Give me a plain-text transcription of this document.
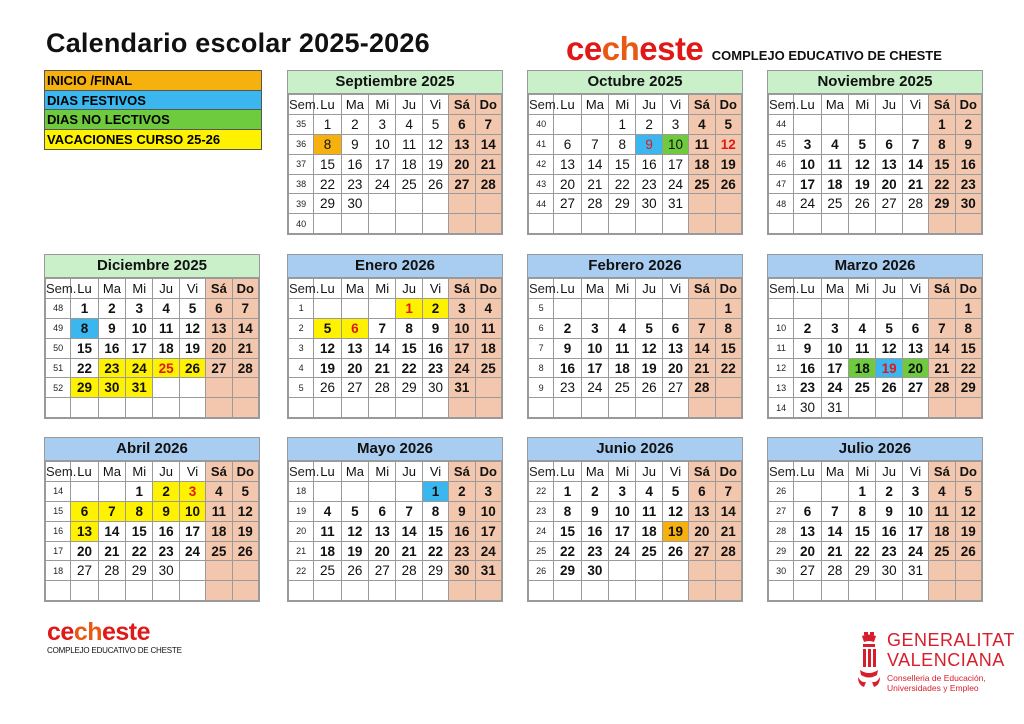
Calendario escolar 2025-2026	cecheste COMPLEJO EDUCATIVO DE CHESTE
INICIO /FINAL
DIAS FESTIVOS
DIAS NO LECTIVOS
VACACIONES CURSO 25-26
Septiembre 2025
Sem.	Lu	Ma	Mi	Ju	Vi	Sá	Do
35	1	2	3	4	5	6	7
36	8	9	10	11	12	13	14
37	15	16	17	18	19	20	21
38	22	23	24	25	26	27	28
39	29	30					
40							
Octubre 2025
Sem.	Lu	Ma	Mi	Ju	Vi	Sá	Do
40			1	2	3	4	5
41	6	7	8	9	10	11	12
42	13	14	15	16	17	18	19
43	20	21	22	23	24	25	26
44	27	28	29	30	31		

Noviembre 2025
Sem.	Lu	Ma	Mi	Ju	Vi	Sá	Do
44						1	2
45	3	4	5	6	7	8	9
46	10	11	12	13	14	15	16
47	17	18	19	20	21	22	23
48	24	25	26	27	28	29	30

Diciembre 2025
Sem.	Lu	Ma	Mi	Ju	Vi	Sá	Do
48	1	2	3	4	5	6	7
49	8	9	10	11	12	13	14
50	15	16	17	18	19	20	21
51	22	23	24	25	26	27	28
52	29	30	31				

Enero 2026
Sem.	Lu	Ma	Mi	Ju	Vi	Sá	Do
1				1	2	3	4
2	5	6	7	8	9	10	11
3	12	13	14	15	16	17	18
4	19	20	21	22	23	24	25
5	26	27	28	29	30	31	

Febrero 2026
Sem.	Lu	Ma	Mi	Ju	Vi	Sá	Do
5							1
6	2	3	4	5	6	7	8
7	9	10	11	12	13	14	15
8	16	17	18	19	20	21	22
9	23	24	25	26	27	28	

Marzo 2026
Sem.	Lu	Ma	Mi	Ju	Vi	Sá	Do
							1
10	2	3	4	5	6	7	8
11	9	10	11	12	13	14	15
12	16	17	18	19	20	21	22
13	23	24	25	26	27	28	29
14	30	31					
Abril 2026
Sem.	Lu	Ma	Mi	Ju	Vi	Sá	Do
14			1	2	3	4	5
15	6	7	8	9	10	11	12
16	13	14	15	16	17	18	19
17	20	21	22	23	24	25	26
18	27	28	29	30			

Mayo 2026
Sem.	Lu	Ma	Mi	Ju	Vi	Sá	Do
18					1	2	3
19	4	5	6	7	8	9	10
20	11	12	13	14	15	16	17
21	18	19	20	21	22	23	24
22	25	26	27	28	29	30	31

Junio 2026
Sem.	Lu	Ma	Mi	Ju	Vi	Sá	Do
22	1	2	3	4	5	6	7
23	8	9	10	11	12	13	14
24	15	16	17	18	19	20	21
25	22	23	24	25	26	27	28
26	29	30					

Julio 2026
Sem.	Lu	Ma	Mi	Ju	Vi	Sá	Do
26			1	2	3	4	5
27	6	7	8	9	10	11	12
28	13	14	15	16	17	18	19
29	20	21	22	23	24	25	26
30	27	28	29	30	31		

cecheste
COMPLEJO EDUCATIVO DE CHESTE
GENERALITAT
VALENCIANA
Conselleria de Educación,
Universidades y Empleo
